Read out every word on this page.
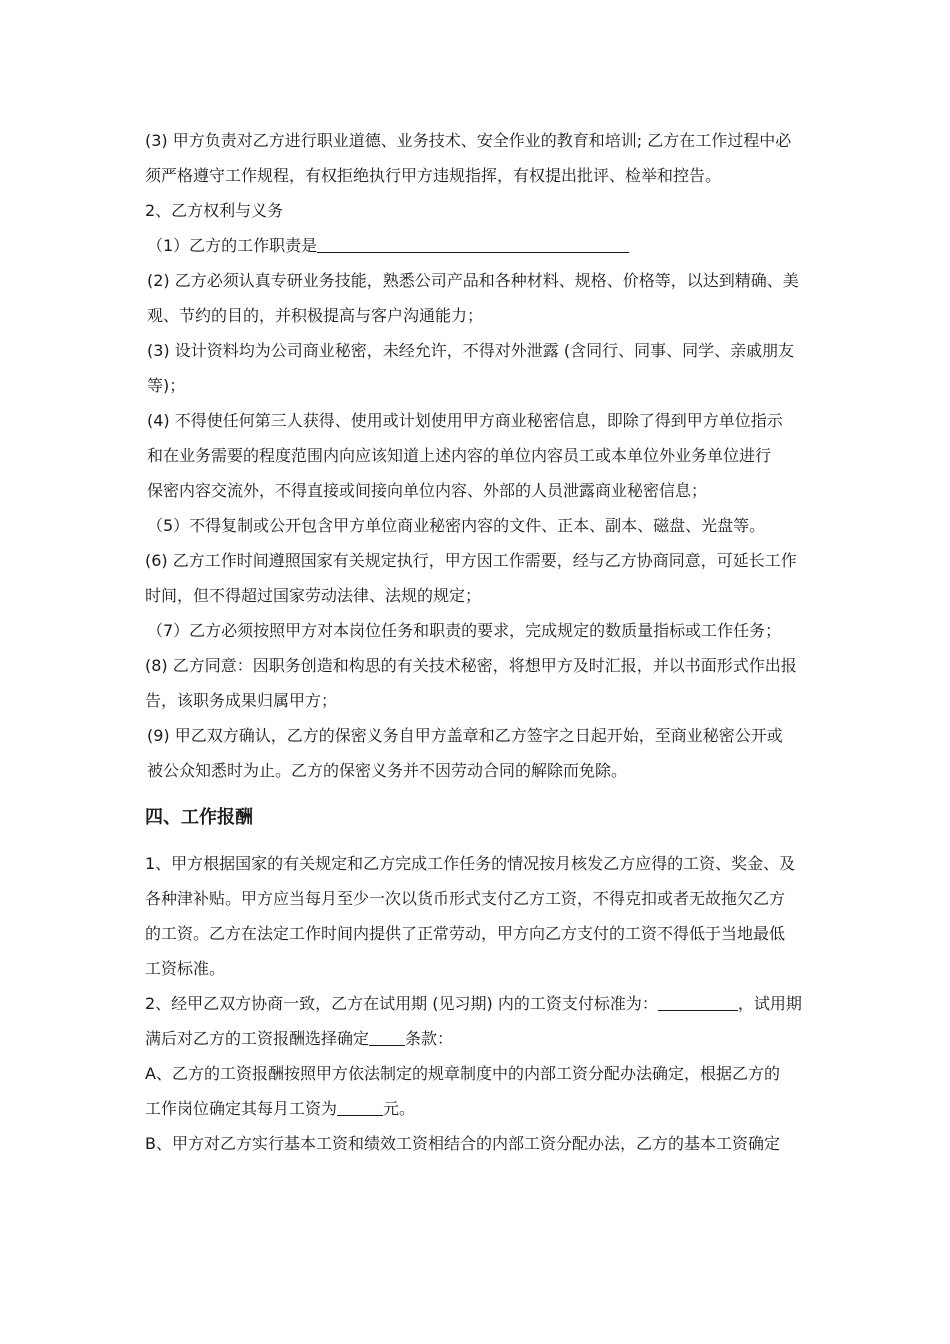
(3) 甲方负责对乙方进行职业道德、业务技术、安全作业的教育和培训; 乙方在工作过程中必
须严格遵守工作规程，有权拒绝执行甲方违规指挥，有权提出批评、检举和控告。

2、乙方权利与义务

（1）乙方的工作职责是

(2) 乙方必须认真专研业务技能，熟悉公司产品和各种材料、规格、价格等，以达到精确、美
观、节约的目的，并积极提高与客户沟通能力；

(3) 设计资料均为公司商业秘密，未经允许，不得对外泄露 (含同行、同事、同学、亲戚朋友
等)；

(4) 不得使任何第三人获得、使用或计划使用甲方商业秘密信息，即除了得到甲方单位指示
和在业务需要的程度范围内向应该知道上述内容的单位内容员工或本单位外业务单位进行
保密内容交流外，不得直接或间接向单位内容、外部的人员泄露商业秘密信息；

（5）不得复制或公开包含甲方单位商业秘密内容的文件、正本、副本、磁盘、光盘等。

(6) 乙方工作时间遵照国家有关规定执行，甲方因工作需要，经与乙方协商同意，可延长工作
时间，但不得超过国家劳动法律、法规的规定；

（7）乙方必须按照甲方对本岗位任务和职责的要求，完成规定的数质量指标或工作任务；

(8) 乙方同意：因职务创造和构思的有关技术秘密，将想甲方及时汇报，并以书面形式作出报
告，该职务成果归属甲方；

(9) 甲乙双方确认，乙方的保密义务自甲方盖章和乙方签字之日起开始，至商业秘密公开或
被公众知悉时为止。乙方的保密义务并不因劳动合同的解除而免除。

四、工作报酬

1、甲方根据国家的有关规定和乙方完成工作任务的情况按月核发乙方应得的工资、奖金、及
各种津补贴。甲方应当每月至少一次以货币形式支付乙方工资，不得克扣或者无故拖欠乙方
的工资。乙方在法定工作时间内提供了正常劳动，甲方向乙方支付的工资不得低于当地最低
工资标准。

2、经甲乙双方协商一致，乙方在试用期 (见习期) 内的工资支付标准为：	，试用期
满后对乙方的工资报酬选择确定 条款：

A、乙方的工资报酬按照甲方依法制定的规章制度中的内部工资分配办法确定，根据乙方的
工作岗位确定其每月工资为	元。

B、甲方对乙方实行基本工资和绩效工资相结合的内部工资分配办法，乙方的基本工资确定
